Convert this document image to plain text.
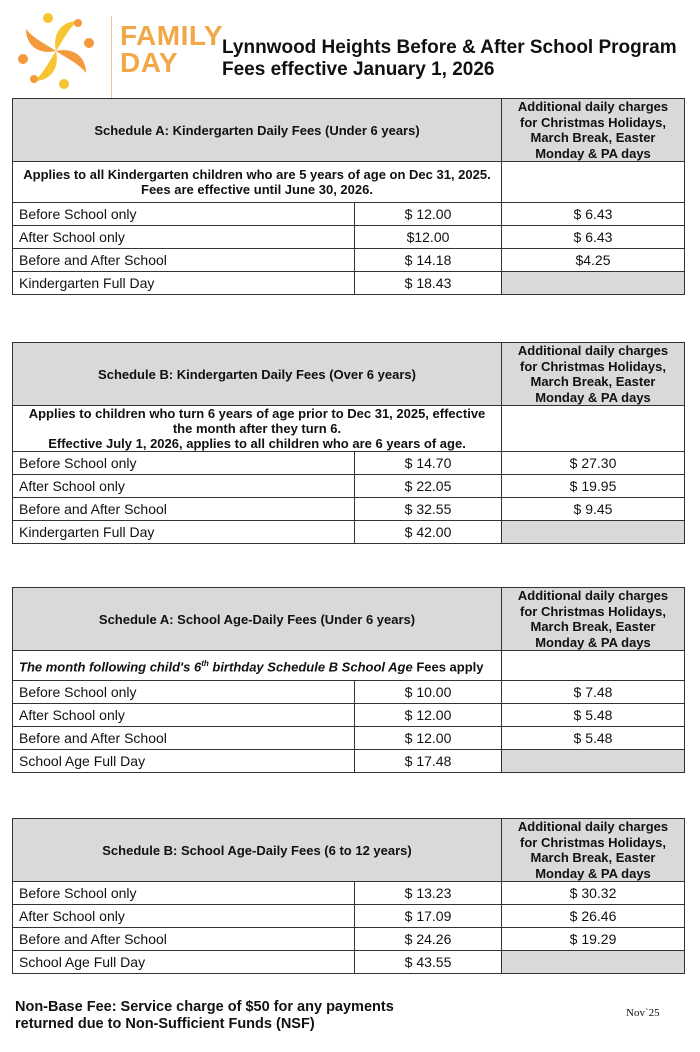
FAMILY
DAY	Lynnwood Heights Before & After School Program
Fees effective January 1, 2026
Schedule A: Kindergarten Daily Fees (Under 6 years)		Additional daily charges for Christmas Holidays, March Break, Easter Monday & PA days

Applies to all Kindergarten children who are 5 years of age on Dec 31, 2025.
Fees are effective until June 30, 2026.		

Before School only	$ 12.00	$ 6.43
After School only	$12.00	$ 6.43
Before and After School	$ 14.18	$4.25
Kindergarten Full Day	$ 18.43	
Schedule B: Kindergarten Daily Fees (Over 6 years)		Additional daily charges for Christmas Holidays, March Break, Easter Monday & PA days

Applies to children who turn 6 years of age prior to Dec 31, 2025, effective the month after they turn 6.
Effective July 1, 2026, applies to all children who are 6 years of age.		

Before School only	$ 14.70	$ 27.30
After School only	$ 22.05	$ 19.95
Before and After School	$ 32.55	$ 9.45
Kindergarten Full Day	$ 42.00	
Schedule A: School Age-Daily Fees (Under 6 years)		Additional daily charges for Christmas Holidays, March Break, Easter Monday & PA days
The month following child's 6th birthday Schedule B School Age Fees apply		
Before School only	$ 10.00	$ 7.48
After School only	$ 12.00	$ 5.48
Before and After School	$ 12.00	$ 5.48
School Age Full Day	$ 17.48	
Schedule B: School Age-Daily Fees (6 to 12 years)		Additional daily charges for Christmas Holidays, March Break, Easter Monday & PA days
Before School only	$ 13.23	$ 30.32
After School only	$ 17.09	$ 26.46
Before and After School	$ 24.26	$ 19.29
School Age Full Day	$ 43.55	
Non-Base Fee: Service charge of $50 for any payments
returned due to Non-Sufficient Funds (NSF)
Nov`25
